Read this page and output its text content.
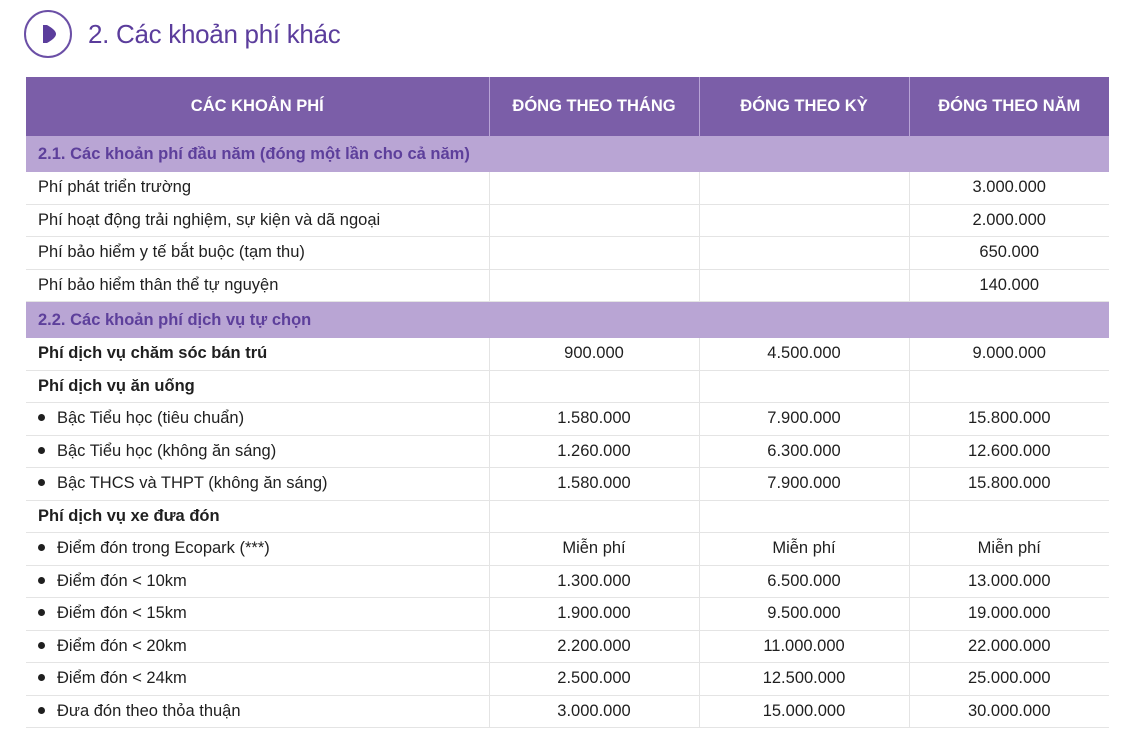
2. Các khoản phí khác
CÁC KHOẢN PHÍ	ĐÓNG THEO THÁNG	ĐÓNG THEO KỲ	ĐÓNG THEO NĂM
2.1. Các khoản phí đầu năm (đóng một lần cho cả năm)			
Phí phát triển trường			3.000.000
Phí hoạt động trải nghiệm, sự kiện và dã ngoại			2.000.000
Phí bảo hiểm y tế bắt buộc (tạm thu)			650.000
Phí bảo hiểm thân thể tự nguyện			140.000
2.2. Các khoản phí dịch vụ tự chọn			
Phí dịch vụ chăm sóc bán trú	900.000	4.500.000	9.000.000
Phí dịch vụ ăn uống			
Bậc Tiểu học (tiêu chuẩn)	1.580.000	7.900.000	15.800.000
Bậc Tiểu học (không ăn sáng)	1.260.000	6.300.000	12.600.000
Bậc THCS và THPT (không ăn sáng)	1.580.000	7.900.000	15.800.000
Phí dịch vụ xe đưa đón			
Điểm đón trong Ecopark (***)	Miễn phí	Miễn phí	Miễn phí
Điểm đón < 10km	1.300.000	6.500.000	13.000.000
Điểm đón < 15km	1.900.000	9.500.000	19.000.000
Điểm đón < 20km	2.200.000	11.000.000	22.000.000
Điểm đón < 24km	2.500.000	12.500.000	25.000.000
Đưa đón theo thỏa thuận	3.000.000	15.000.000	30.000.000
